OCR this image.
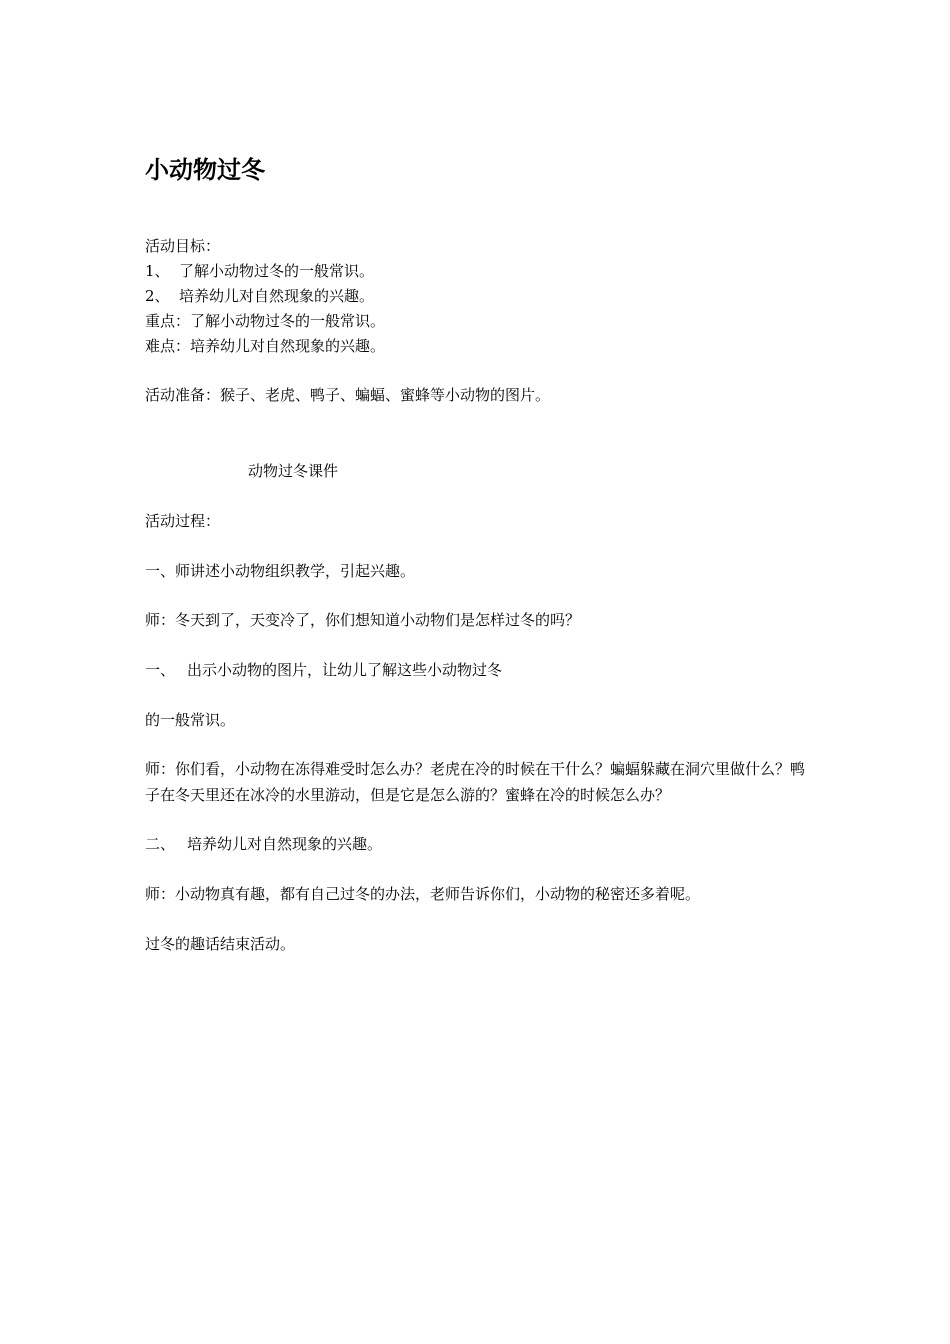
小动物过冬
活动目标：
1、 了解小动物过冬的一般常识。
2、 培养幼儿对自然现象的兴趣。
重点：了解小动物过冬的一般常识。
难点：培养幼儿对自然现象的兴趣。
活动准备：猴子、老虎、鸭子、蝙蝠、蜜蜂等小动物的图片。
动物过冬课件
活动过程：
一、师讲述小动物组织教学，引起兴趣。
师：冬天到了，天变冷了，你们想知道小动物们是怎样过冬的吗？
一、 出示小动物的图片，让幼儿了解这些小动物过冬
的一般常识。
师：你们看，小动物在冻得难受时怎么办？老虎在冷的时候在干什么？蝙蝠躲藏在洞穴里做什么？鸭子在冬天里还在冰冷的水里游动，但是它是怎么游的？蜜蜂在冷的时候怎么办？
二、 培养幼儿对自然现象的兴趣。
师：小动物真有趣，都有自己过冬的办法，老师告诉你们，小动物的秘密还多着呢。
过冬的趣话结束活动。
